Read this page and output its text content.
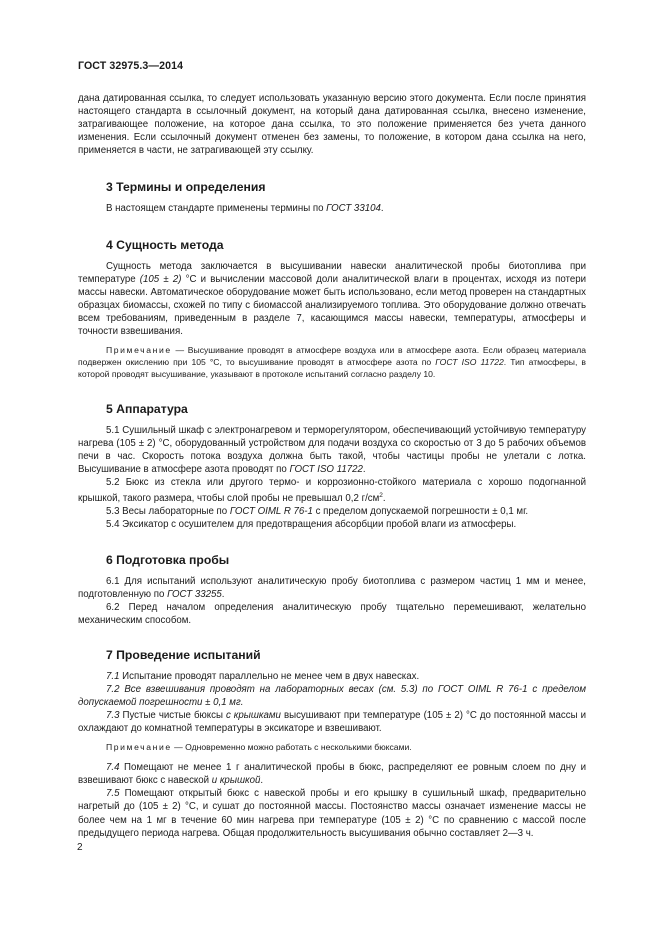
ГОСТ 32975.3—2014

дана датированная ссылка, то следует использовать указанную версию этого документа. Если после принятия настоящего стандарта в ссылочный документ, на который дана датированная ссылка, внесено изменение, затрагивающее положение, на которое дана ссылка, то это положение применяется без учета данного изменения. Если ссылочный документ отменен без замены, то положение, в котором дана ссылка на него, применяется в части, не затрагивающей эту ссылку.

3 Термины и определения

В настоящем стандарте применены термины по ГОСТ 33104.

4 Сущность метода

Сущность метода заключается в высушивании навески аналитической пробы биотоплива при температуре (105 ± 2) °С и вычислении массовой доли аналитической влаги в процентах, исходя из потери массы навески. Автоматическое оборудование может быть использовано, если метод проверен на стандартных образцах биомассы, схожей по типу с биомассой анализируемого топлива. Это оборудование должно отвечать всем требованиям, приведенным в разделе 7, касающимся массы навески, температуры, атмосферы и точности взвешивания.

Примечание — Высушивание проводят в атмосфере воздуха или в атмосфере азота. Если образец материала подвержен окислению при 105 °С, то высушивание проводят в атмосфере азота по ГОСТ ISO 11722. Тип атмосферы, в которой проводят высушивание, указывают в протоколе испытаний согласно разделу 10.

5 Аппаратура

5.1 Сушильный шкаф с электронагревом и терморегулятором, обеспечивающий устойчивую температуру нагрева (105 ± 2) °С, оборудованный устройством для подачи воздуха со скоростью от 3 до 5 рабочих объемов печи в час. Скорость потока воздуха должна быть такой, чтобы частицы пробы не улетали с лотка. Высушивание в атмосфере азота проводят по ГОСТ ISO 11722.

5.2 Бюкс из стекла или другого термо- и коррозионно-стойкого материала с хорошо подогнанной крышкой, такого размера, чтобы слой пробы не превышал 0,2 $г/см^2$.

5.3 Весы лабораторные по ГОСТ OIML R 76-1 с пределом допускаемой погрешности ± 0,1 мг.

5.4 Эксикатор с осушителем для предотвращения абсорбции пробой влаги из атмосферы.

6 Подготовка пробы

6.1 Для испытаний используют аналитическую пробу биотоплива с размером частиц 1 мм и менее, подготовленную по ГОСТ 33255.

6.2 Перед началом определения аналитическую пробу тщательно перемешивают, желательно механическим способом.

7 Проведение испытаний

7.1 Испытание проводят параллельно не менее чем в двух навесках.

7.2 Все взвешивания проводят на лабораторных весах (см. 5.3) по ГОСТ OIML R 76-1 с пределом допускаемой погрешности ± 0,1 мг.

7.3 Пустые чистые бюксы с крышками высушивают при температуре (105 ± 2) °С до постоянной массы и охлаждают до комнатной температуры в эксикаторе и взвешивают.

Примечание — Одновременно можно работать с несколькими бюксами.

7.4 Помещают не менее 1 г аналитической пробы в бюкс, распределяют ее ровным слоем по дну и взвешивают бюкс с навеской и крышкой.

7.5 Помещают открытый бюкс с навеской пробы и его крышку в сушильный шкаф, предварительно нагретый до (105 ± 2) °С, и сушат до постоянной массы. Постоянство массы означает изменение массы не более чем на 1 мг в течение 60 мин нагрева при температуре (105 ± 2) °С по сравнению с массой после предыдущего периода нагрева. Общая продолжительность высушивания обычно составляет 2—3 ч.

2
